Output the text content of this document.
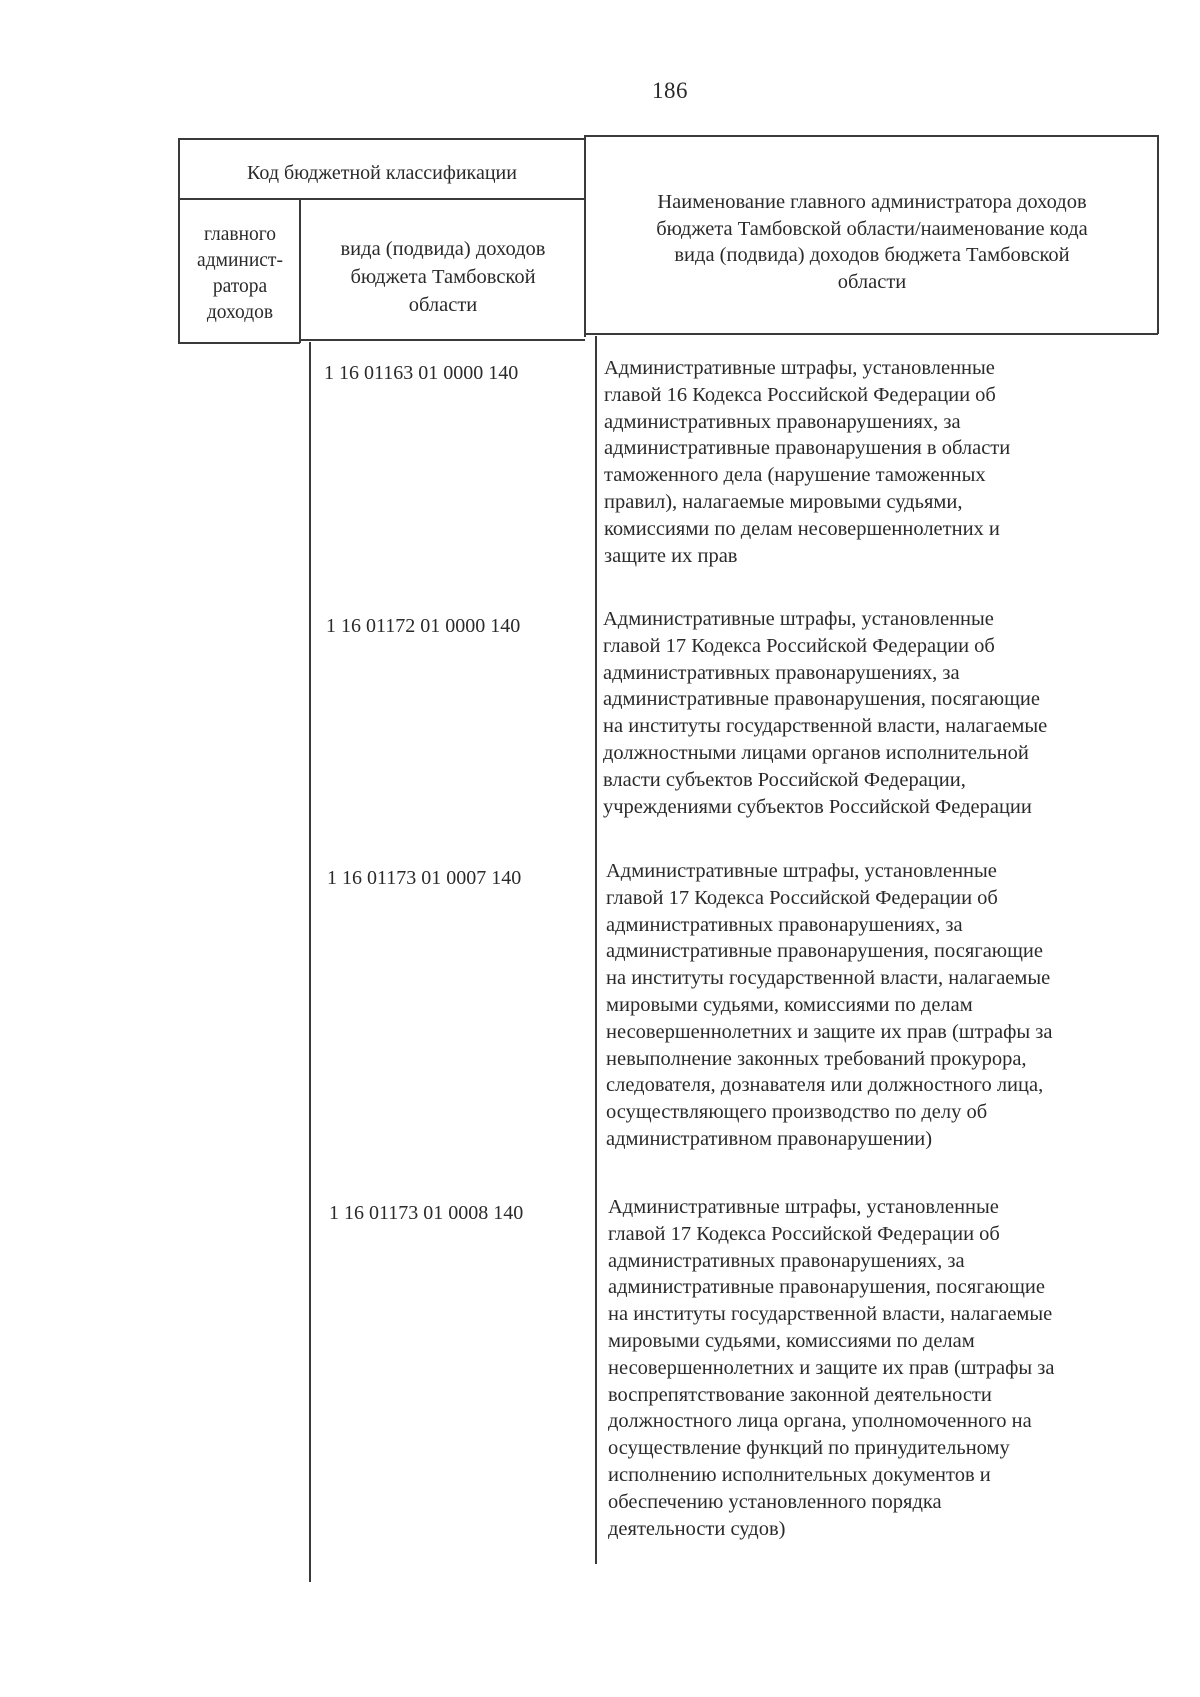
186
Код бюджетной классификации
главного
админист-
ратора
доходов
вида (подвида) доходов
бюджета Тамбовской
области
Наименование главного администратора доходов
бюджета Тамбовской области/наименование кода
вида (подвида) доходов бюджета Тамбовской
области
1 16 01163 01 0000 140	Административные штрафы, установленные

главой 16 Кодекса Российской Федерации об

административных правонарушениях, за

административные правонарушения в области

таможенного дела (нарушение таможенных

правил), налагаемые мировыми судьями,

комиссиями по делам несовершеннолетних и

защите их прав

1 16 01172 01 0000 140	Административные штрафы, установленные

главой 17 Кодекса Российской Федерации об

административных правонарушениях, за

административные правонарушения, посягающие

на институты государственной власти, налагаемые

должностными лицами органов исполнительной

власти субъектов Российской Федерации,

учреждениями субъектов Российской Федерации

1 16 01173 01 0007 140	Административные штрафы, установленные

главой 17 Кодекса Российской Федерации об

административных правонарушениях, за

административные правонарушения, посягающие

на институты государственной власти, налагаемые

мировыми судьями, комиссиями по делам

несовершеннолетних и защите их прав (штрафы за

невыполнение законных требований прокурора,

следователя, дознавателя или должностного лица,

осуществляющего производство по делу об

административном правонарушении)

1 16 01173 01 0008 140	Административные штрафы, установленные

главой 17 Кодекса Российской Федерации об

административных правонарушениях, за

административные правонарушения, посягающие

на институты государственной власти, налагаемые

мировыми судьями, комиссиями по делам

несовершеннолетних и защите их прав (штрафы за

воспрепятствование законной деятельности

должностного лица органа, уполномоченного на

осуществление функций по принудительному

исполнению исполнительных документов и

обеспечению установленного порядка

деятельности судов)
